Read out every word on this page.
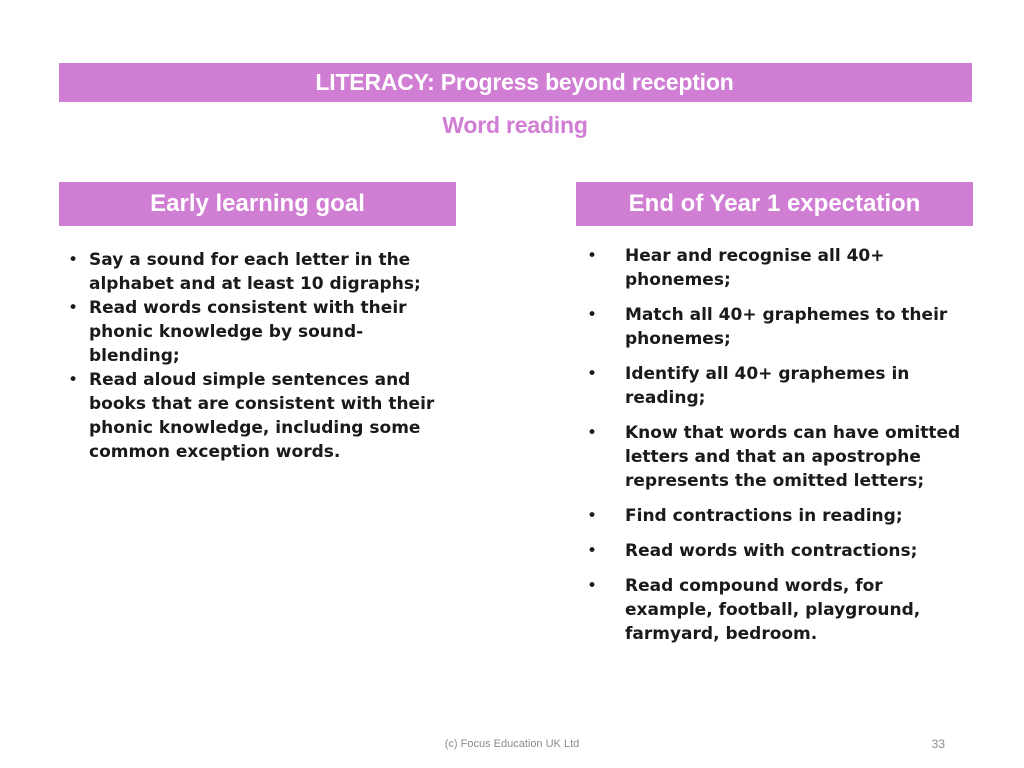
LITERACY: Progress beyond reception
Word reading
Early learning goal	End of Year 1 expectation
• Say a sound for each letter in the alphabet and at least 10 digraphs;
• Read words consistent with their phonic knowledge by sound-blending;
• Read aloud simple sentences and books that are consistent with their phonic knowledge, including some common exception words.
• Hear and recognise all 40+ phonemes;
• Match all 40+ graphemes to their phonemes;
• Identify all 40+ graphemes in reading;
• Know that words can have omitted letters and that an apostrophe represents the omitted letters;
• Find contractions in reading;
• Read words with contractions;
• Read compound words, for example, football, playground, farmyard, bedroom.
(c) Focus Education UK Ltd	33
